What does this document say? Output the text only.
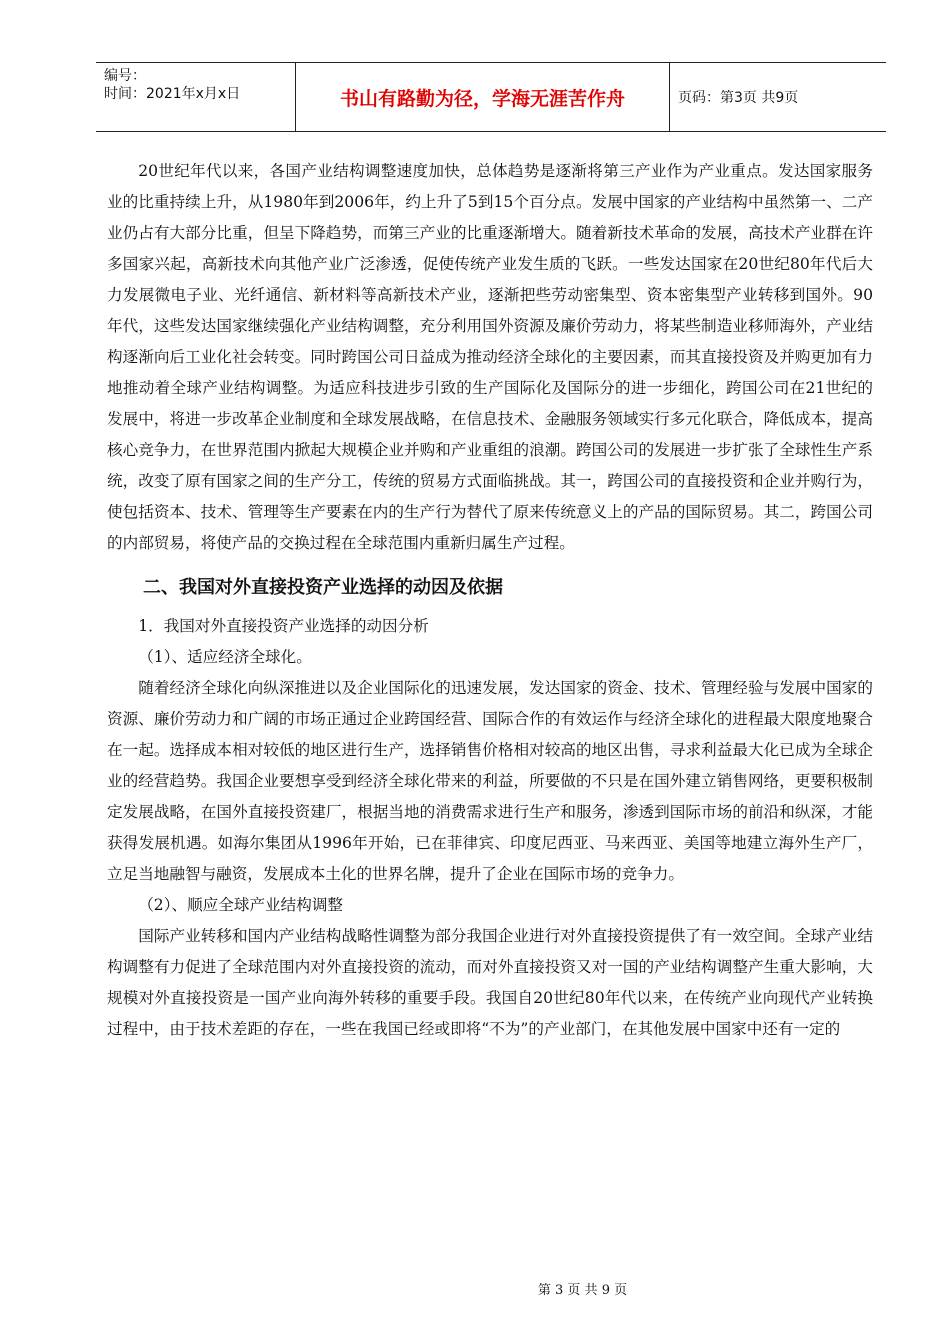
编号：
时间：2021年x月x日	书山有路勤为径，学海无涯苦作舟	页码：第3页 共9页

20世纪年代以来，各国产业结构调整速度加快，总体趋势是逐渐将第三产业作为产业重点。发达国家服务业的比重持续上升，从1980年到2006年，约上升了5到15个百分点。发展中国家的产业结构中虽然第一、二产业仍占有大部分比重，但呈下降趋势，而第三产业的比重逐渐增大。随着新技术革命的发展，高技术产业群在许多国家兴起，高新技术向其他产业广泛渗透，促使传统产业发生质的飞跃。一些发达国家在20世纪80年代后大力发展微电子业、光纤通信、新材料等高新技术产业，逐渐把些劳动密集型、资本密集型产业转移到国外。90年代，这些发达国家继续强化产业结构调整，充分利用国外资源及廉价劳动力，将某些制造业移师海外，产业结构逐渐向后工业化社会转变。同时跨国公司日益成为推动经济全球化的主要因素，而其直接投资及并购更加有力地推动着全球产业结构调整。为适应科技进步引致的生产国际化及国际分的进一步细化，跨国公司在21世纪的发展中，将进一步改革企业制度和全球发展战略，在信息技术、金融服务领域实行多元化联合，降低成本，提高核心竞争力，在世界范围内掀起大规模企业并购和产业重组的浪潮。跨国公司的发展进一步扩张了全球性生产系统，改变了原有国家之间的生产分工，传统的贸易方式面临挑战。其一，跨国公司的直接投资和企业并购行为，使包括资本、技术、管理等生产要素在内的生产行为替代了原来传统意义上的产品的国际贸易。其二，跨国公司的内部贸易，将使产品的交换过程在全球范围内重新归属生产过程。

二、我国对外直接投资产业选择的动因及依据

1．我国对外直接投资产业选择的动因分析

（1）、适应经济全球化。

随着经济全球化向纵深推进以及企业国际化的迅速发展，发达国家的资金、技术、管理经验与发展中国家的资源、廉价劳动力和广阔的市场正通过企业跨国经营、国际合作的有效运作与经济全球化的进程最大限度地聚合在一起。选择成本相对较低的地区进行生产，选择销售价格相对较高的地区出售，寻求利益最大化已成为全球企业的经营趋势。我国企业要想享受到经济全球化带来的利益，所要做的不只是在国外建立销售网络，更要积极制定发展战略，在国外直接投资建厂，根据当地的消费需求进行生产和服务，渗透到国际市场的前沿和纵深，才能获得发展机遇。如海尔集团从1996年开始，已在菲律宾、印度尼西亚、马来西亚、美国等地建立海外生产厂，立足当地融智与融资，发展成本土化的世界名牌，提升了企业在国际市场的竞争力。

（2）、顺应全球产业结构调整

国际产业转移和国内产业结构战略性调整为部分我国企业进行对外直接投资提供了有一效空间。全球产业结构调整有力促进了全球范围内对外直接投资的流动，而对外直接投资又对一国的产业结构调整产生重大影响，大规模对外直接投资是一国产业向海外转移的重要手段。我国自20世纪80年代以来，在传统产业向现代产业转换过程中，由于技术差距的存在，一些在我国已经或即将“不为”的产业部门，在其他发展中国家中还有一定的

第 3 页 共 9 页
